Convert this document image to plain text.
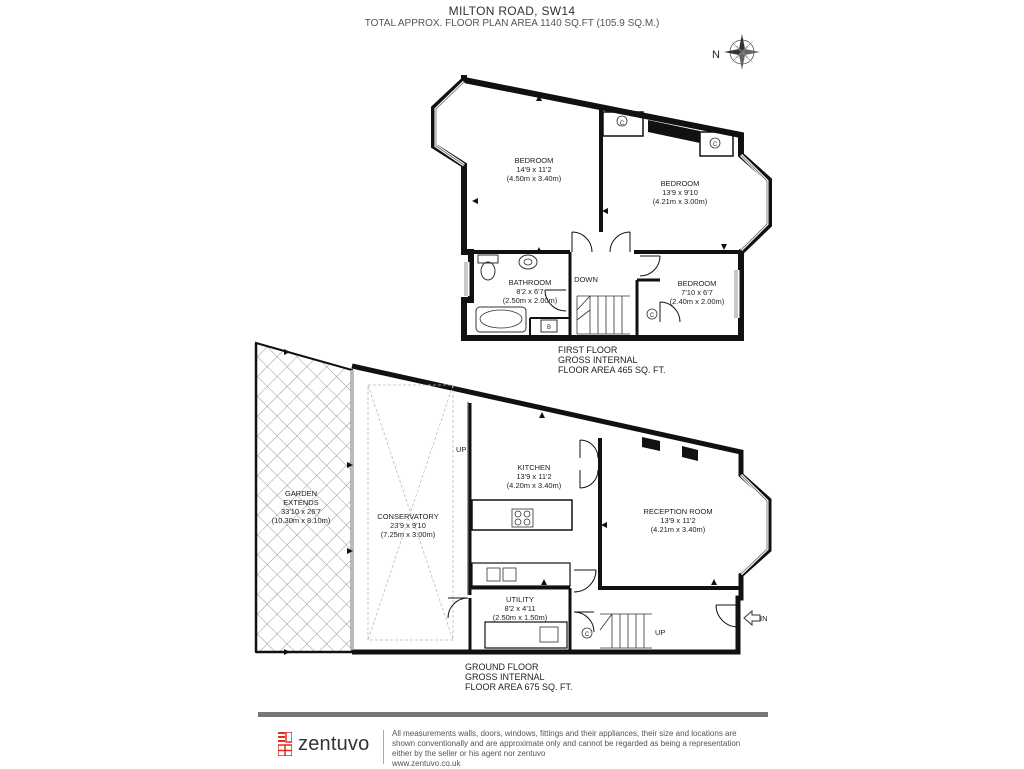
MILTON ROAD, SW14
TOTAL APPROX. FLOOR PLAN AREA 1140 SQ.FT (105.9 SQ.M.)
N
C
C
C
B
BEDROOM
14'9 x 11'2
(4.50m x 3.40m)
BEDROOM
13'9 x 9'10
(4.21m x 3.00m)
BEDROOM
7'10 x 6'7
(2.40m x 2.00m)
BATHROOM
8'2 x 6'7
(2.50m x 2.00m)
DOWN
FIRST FLOOR
GROSS INTERNAL
FLOOR AREA 465 SQ. FT.
GARDEN
EXTENDS
33'10 x 26'7
(10.30m x 8.10m)	CONSERVATORY
23'9 x 9'10
(7.25m x 3.00m)
KITCHEN
13'9 x 11'2
(4.20m x 3.40m)
RECEPTION ROOM
13'9 x 11'2
(4.21m x 3.40m)
UTILITY
8'2 x 4'11
(2.50m x 1.50m)
UP
UP
IN
C
GROUND FLOOR
GROSS INTERNAL
FLOOR AREA 675 SQ. FT.
zentuvo	All measurements walls, doors, windows, fittings and their appliances, their size and locations are shown conventionally and are approximate only and cannot be regarded as being a representation either by the seller or his agent nor zentuvo
www.zentuvo.co.uk
